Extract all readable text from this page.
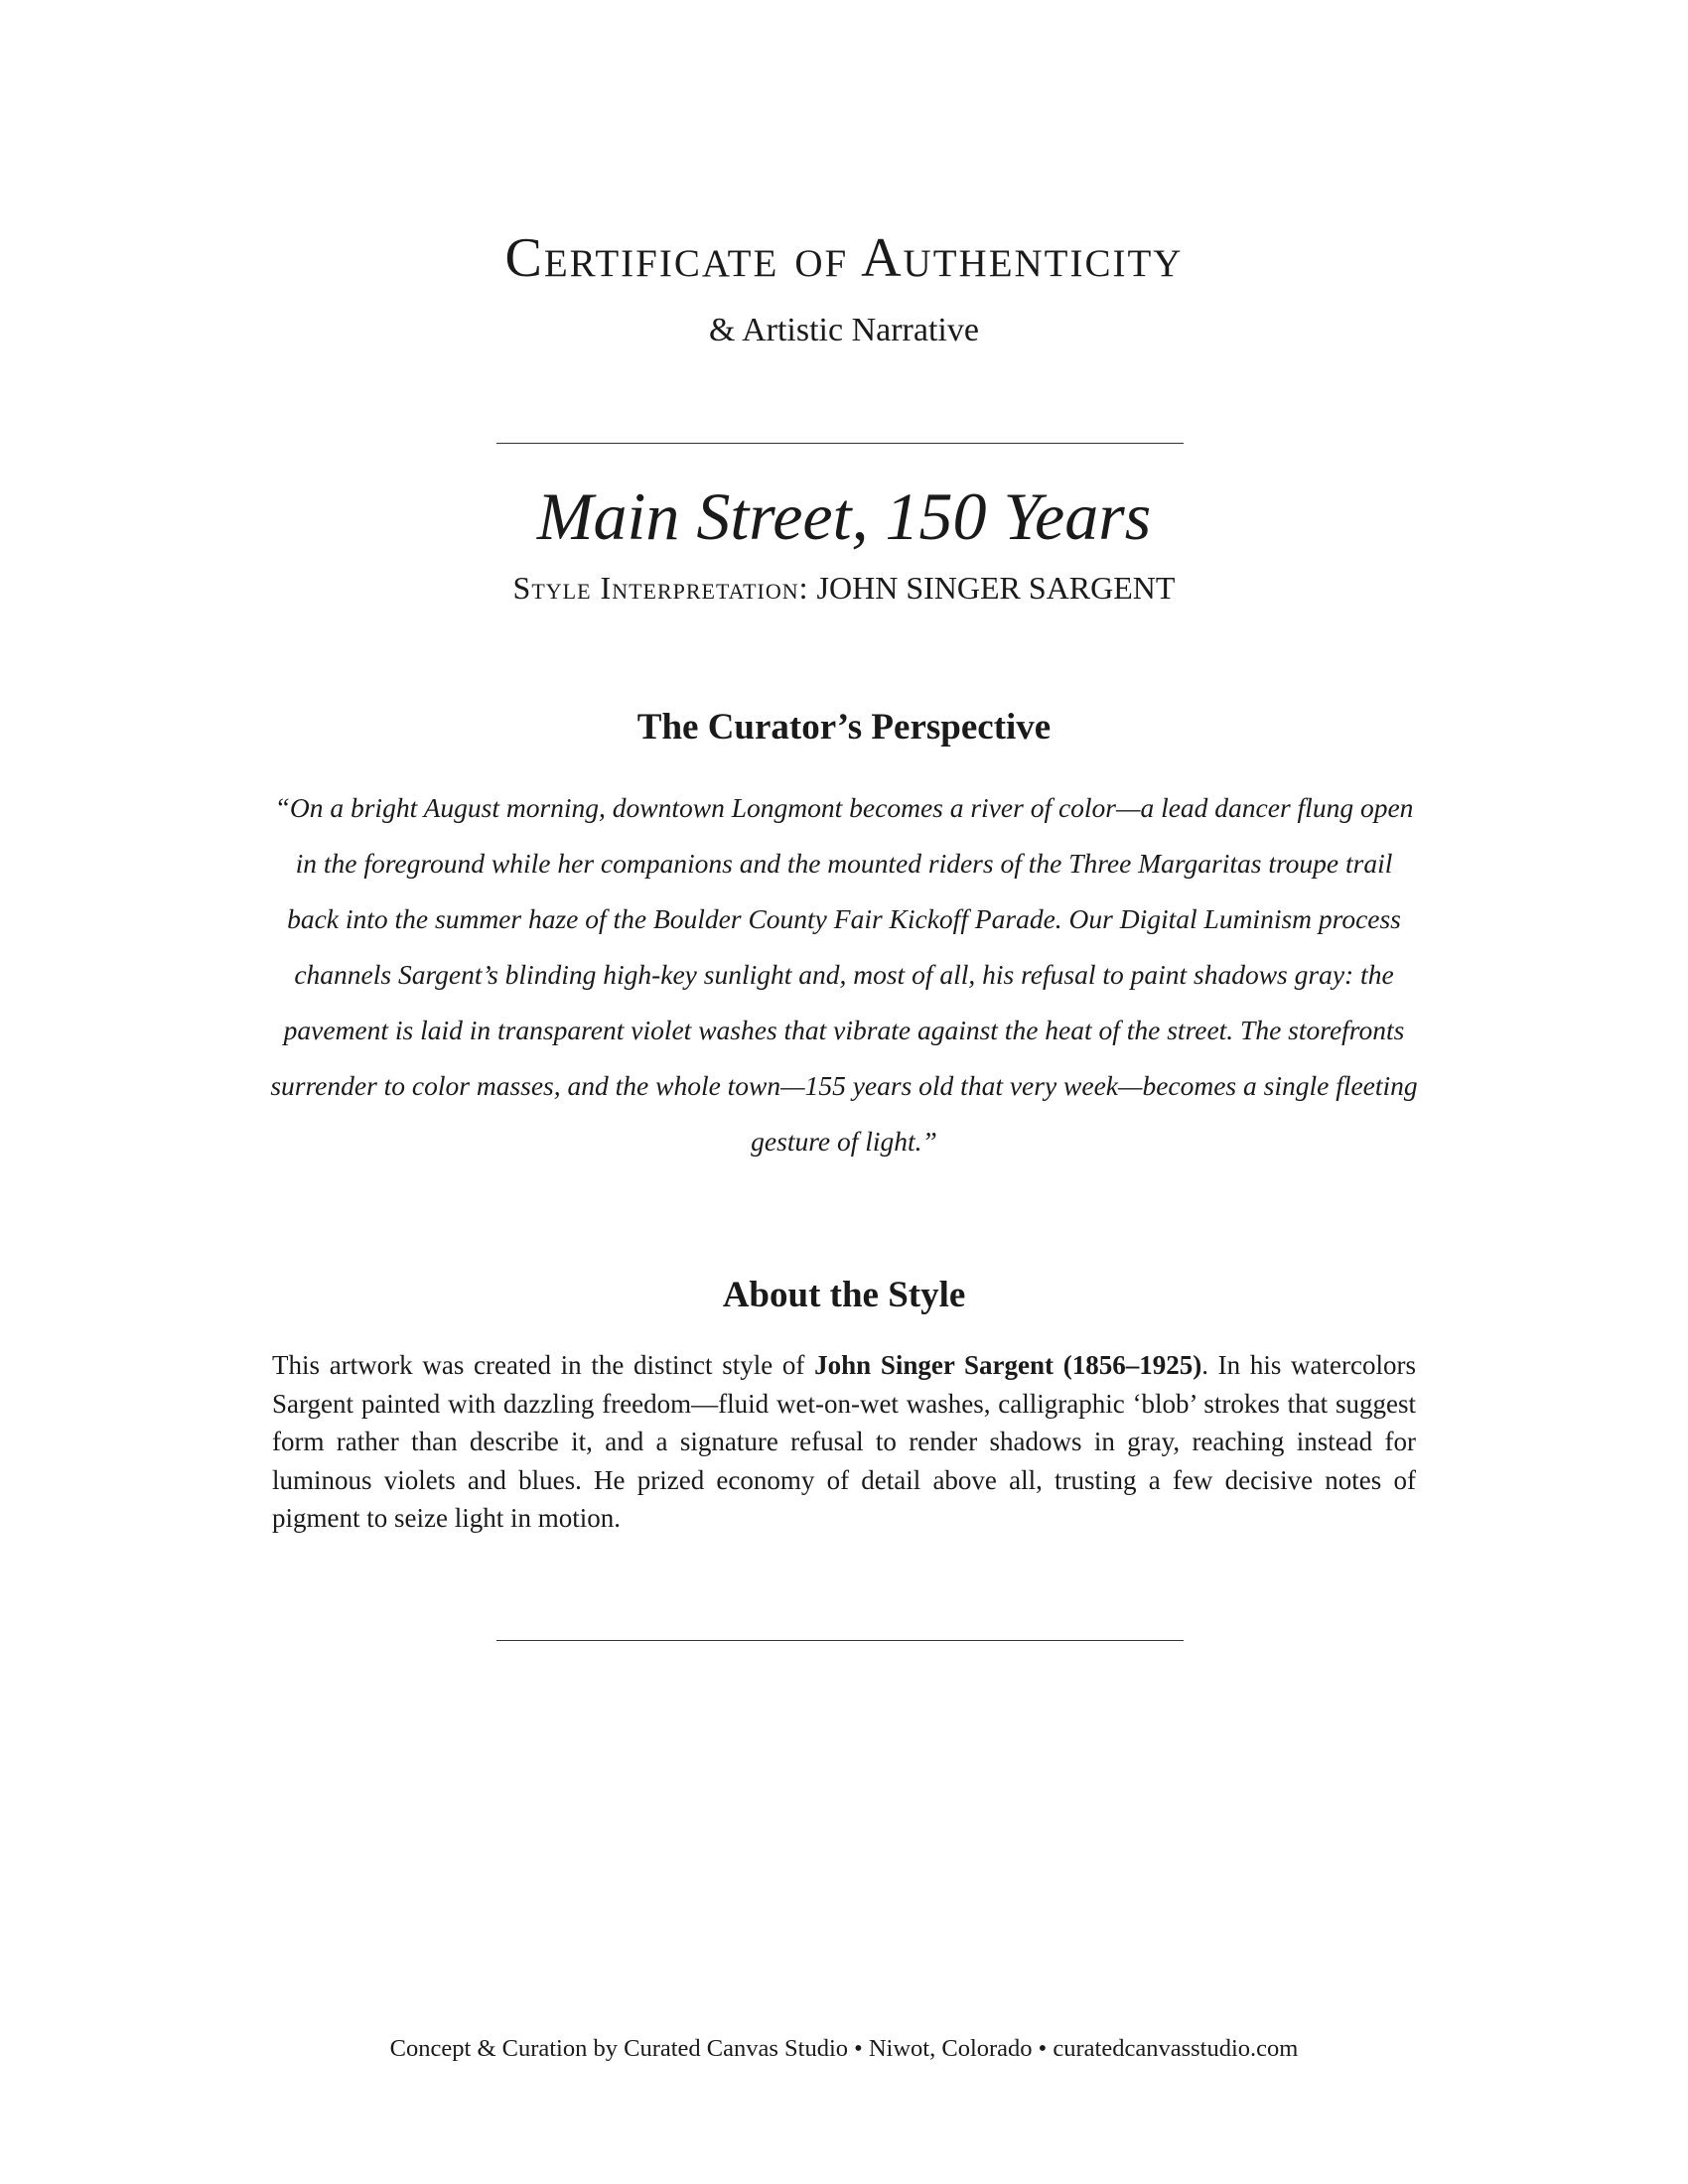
Certificate of Authenticity
& Artistic Narrative
Main Street, 150 Years
Style Interpretation: JOHN SINGER SARGENT
The Curator’s Perspective

“On a bright August morning, downtown Longmont becomes a river of color—a lead dancer flung open in the foreground while her companions and the mounted riders of the Three Margaritas troupe trail back into the summer haze of the Boulder County Fair Kickoff Parade. Our Digital Luminism process channels Sargent’s blinding high-key sunlight and, most of all, his refusal to paint shadows gray: the pavement is laid in transparent violet washes that vibrate against the heat of the street. The storefronts surrender to color masses, and the whole town—155 years old that very week—becomes a single fleeting gesture of light.”

About the Style

This artwork was created in the distinct style of John Singer Sargent (1856–1925). In his watercolors Sargent painted with dazzling freedom—fluid wet-on-wet washes, calligraphic ‘blob’ strokes that suggest form rather than describe it, and a signature refusal to render shadows in gray, reaching instead for luminous violets and blues. He prized economy of detail above all, trusting a few decisive notes of pigment to seize light in motion.

Concept & Curation by Curated Canvas Studio • Niwot, Colorado • curatedcanvasstudio.com
